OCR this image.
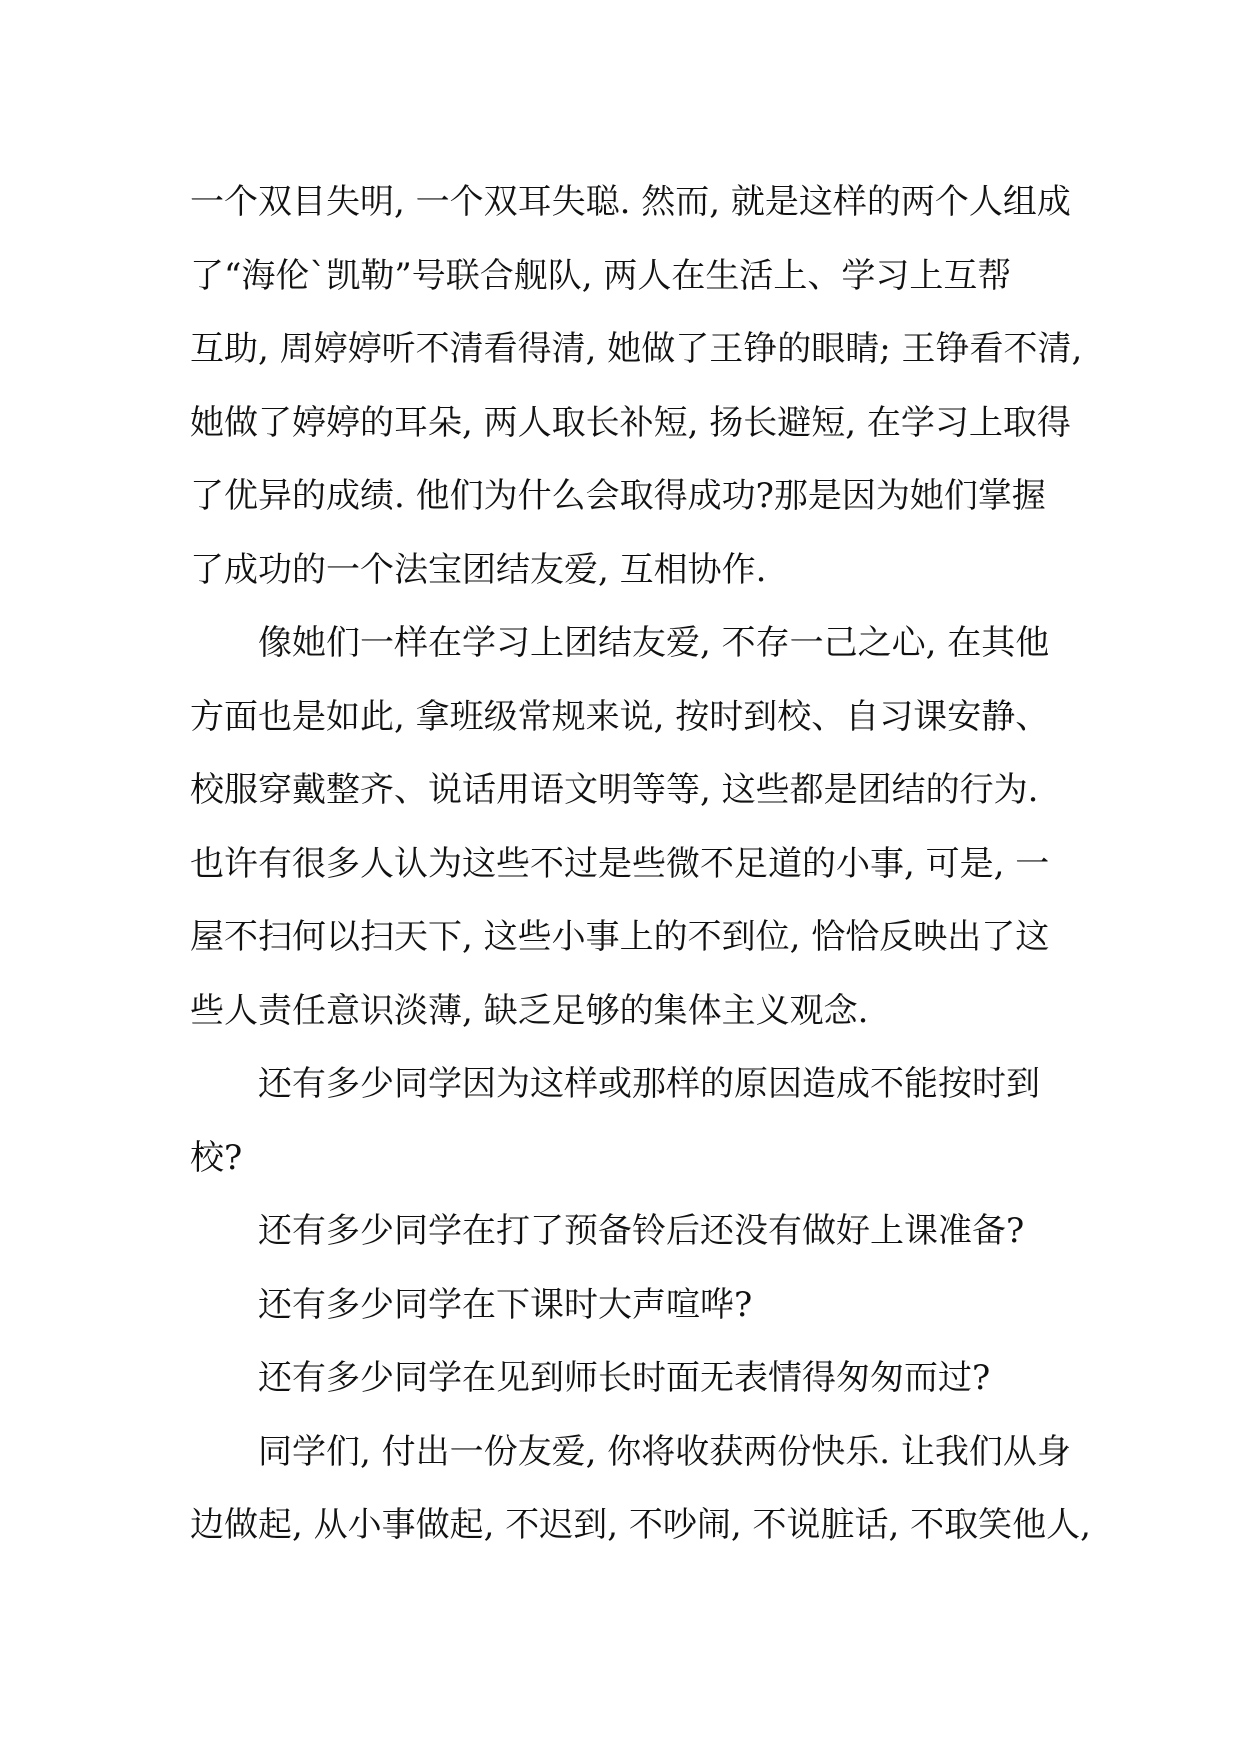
一个双目失明, 一个双耳失聪. 然而, 就是这样的两个人组成
了“海伦`凯勒”号联合舰队, 两人在生活上、学习上互帮
互助, 周婷婷听不清看得清, 她做了王铮的眼睛; 王铮看不清,
她做了婷婷的耳朵, 两人取长补短, 扬长避短, 在学习上取得
了优异的成绩. 他们为什么会取得成功?那是因为她们掌握
了成功的一个法宝团结友爱, 互相协作.
像她们一样在学习上团结友爱, 不存一己之心, 在其他
方面也是如此, 拿班级常规来说, 按时到校、自习课安静、
校服穿戴整齐、说话用语文明等等, 这些都是团结的行为.
也许有很多人认为这些不过是些微不足道的小事, 可是, 一
屋不扫何以扫天下, 这些小事上的不到位, 恰恰反映出了这
些人责任意识淡薄, 缺乏足够的集体主义观念.
还有多少同学因为这样或那样的原因造成不能按时到
校?
还有多少同学在打了预备铃后还没有做好上课准备?
还有多少同学在下课时大声喧哗?
还有多少同学在见到师长时面无表情得匆匆而过?
同学们, 付出一份友爱, 你将收获两份快乐. 让我们从身
边做起, 从小事做起, 不迟到, 不吵闹, 不说脏话, 不取笑他人,
